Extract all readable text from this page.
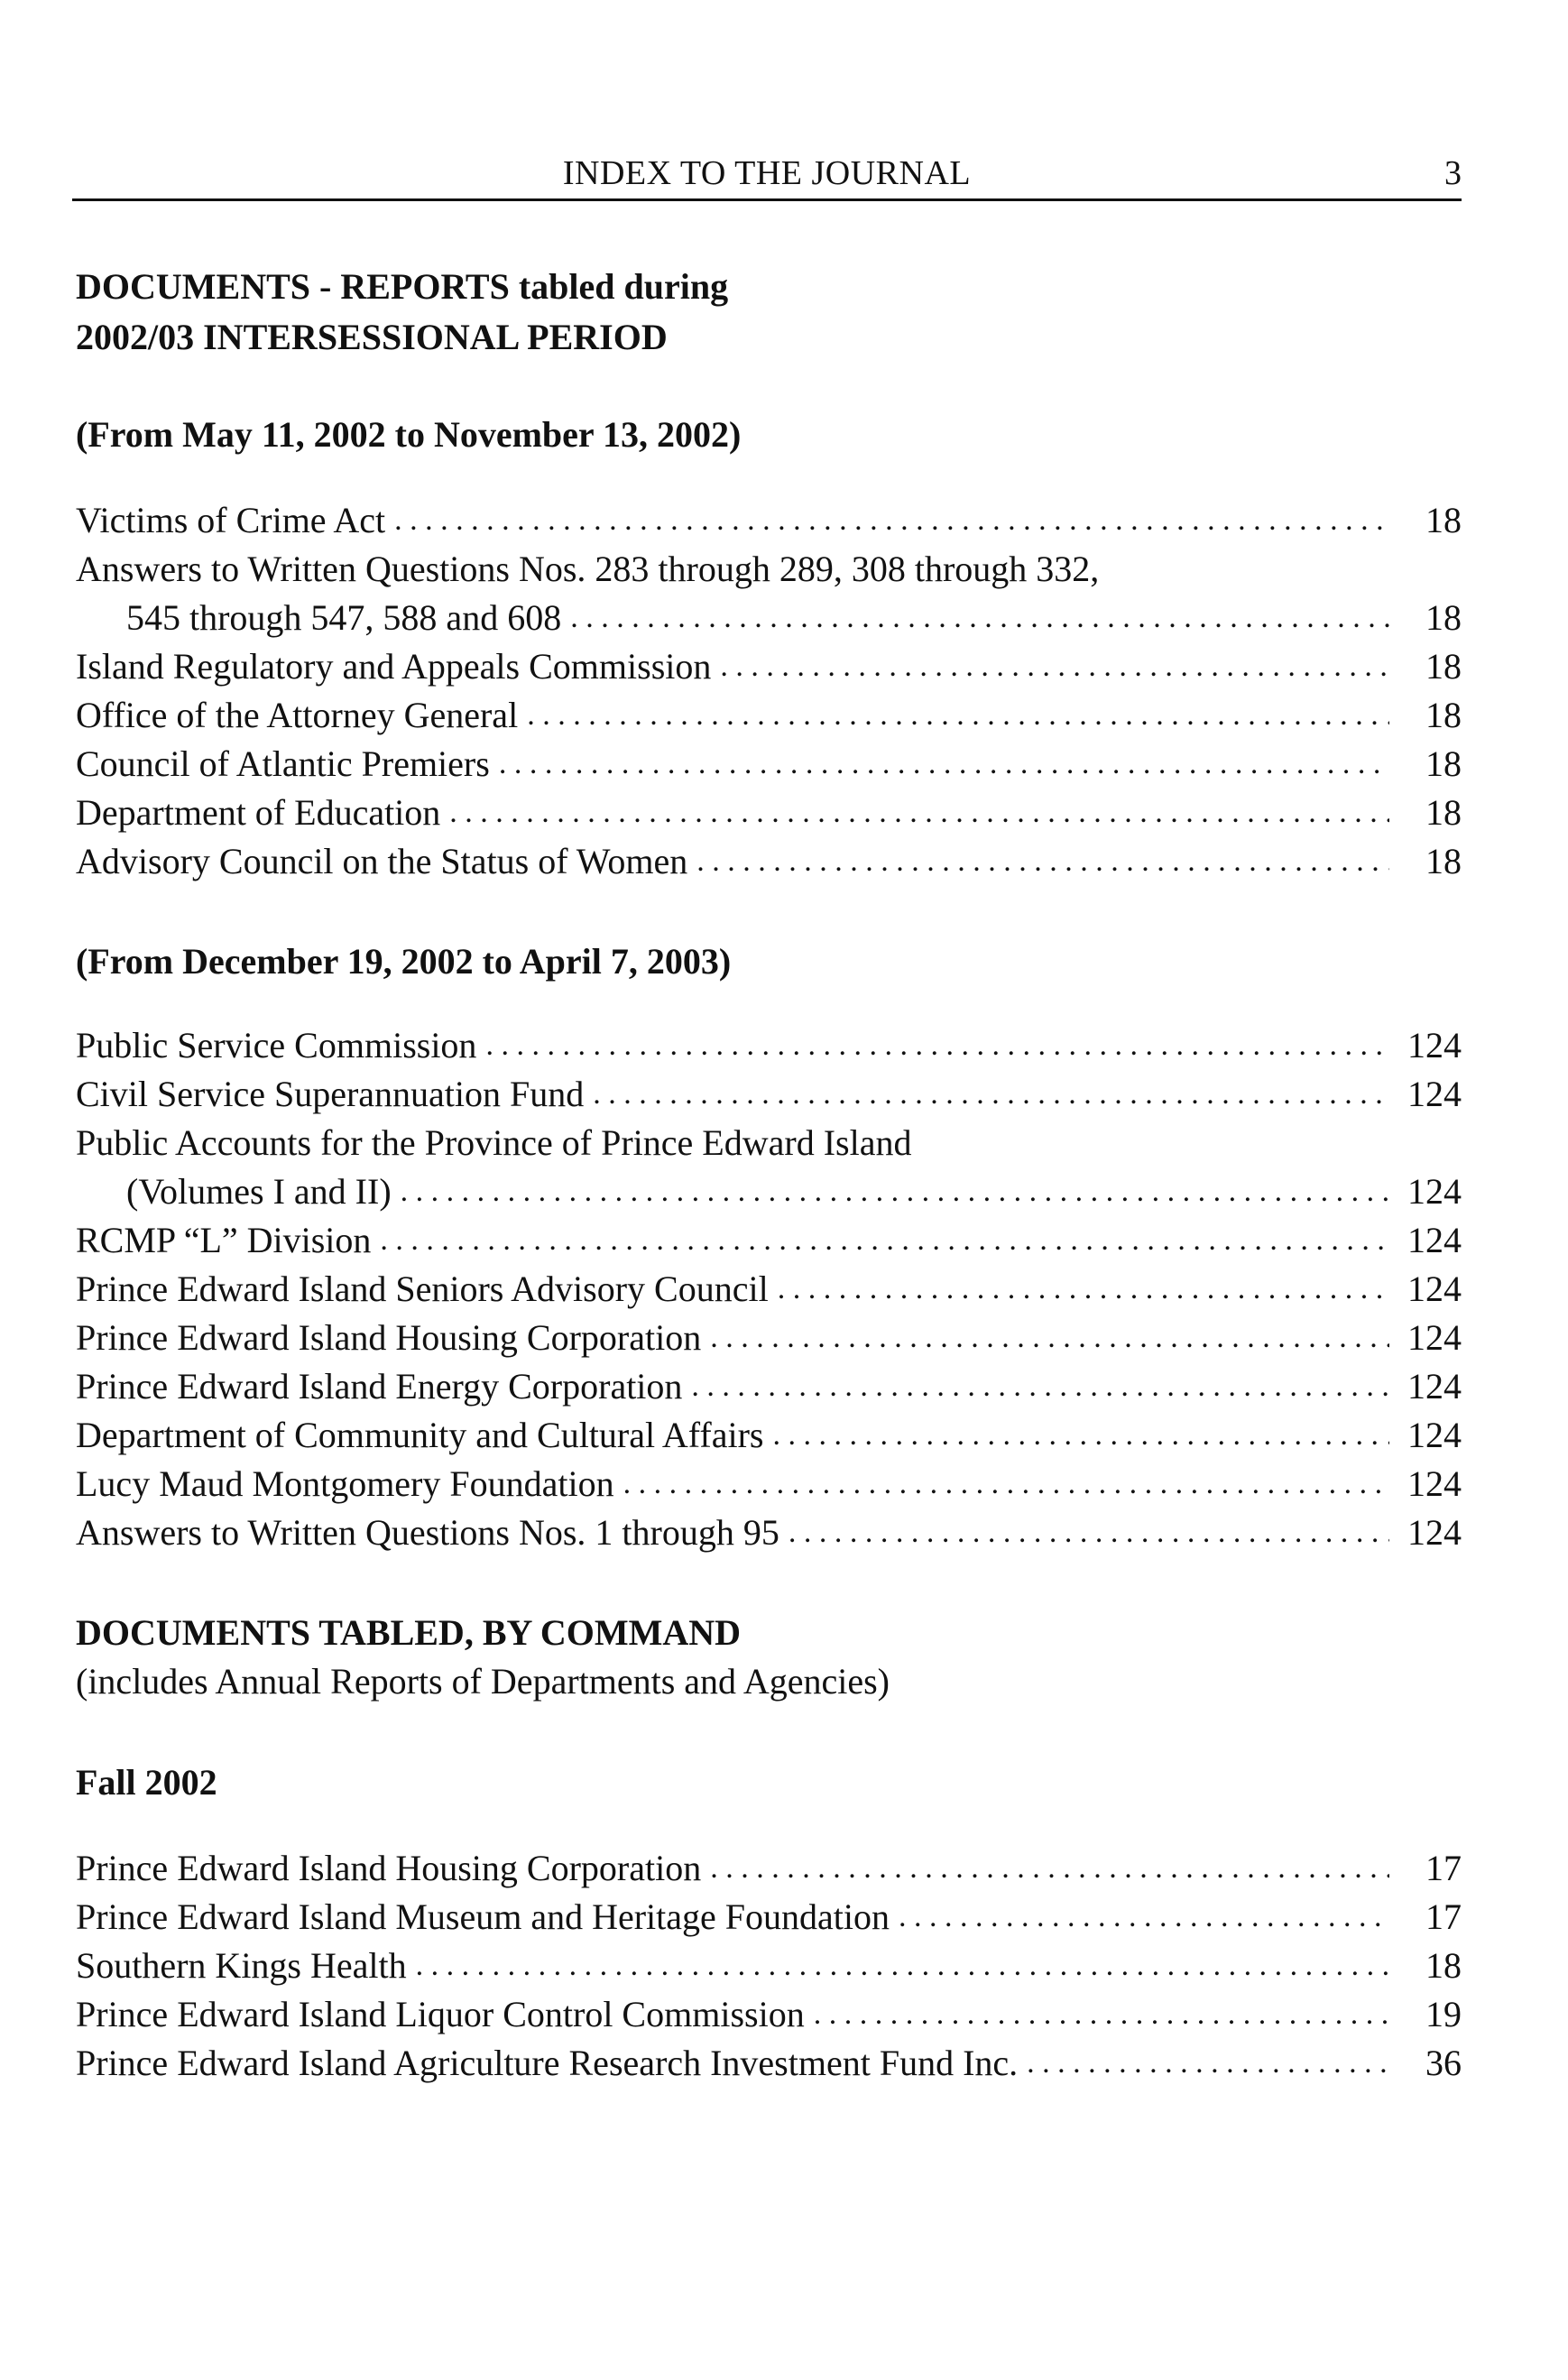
INDEX TO THE JOURNAL	3
DOCUMENTS - REPORTS tabled during
2002/03 INTERSESSIONAL PERIOD
(From May 11, 2002 to November 13, 2002)
Victims of Crime Act . . .	18
Answers to Written Questions Nos. 283 through 289, 308 through 332,
545 through 547, 588 and 608 . . .	18
Island Regulatory and Appeals Commission . . .	18
Office of the Attorney General . . .	18
Council of Atlantic Premiers . . .	18
Department of Education . . .	18
Advisory Council on the Status of Women . . .	18
(From December 19, 2002 to April 7, 2003)
Public Service Commission . . .	124
Civil Service Superannuation Fund . . .	124
Public Accounts for the Province of Prince Edward Island
(Volumes I and II) . . .	124
RCMP “L” Division . . .	124
Prince Edward Island Seniors Advisory Council . . .	124
Prince Edward Island Housing Corporation . . .	124
Prince Edward Island Energy Corporation . . .	124
Department of Community and Cultural Affairs . . .	124
Lucy Maud Montgomery Foundation . . .	124
Answers to Written Questions Nos. 1 through 95 . . .	124
DOCUMENTS TABLED, BY COMMAND
(includes Annual Reports of Departments and Agencies)
Fall 2002
Prince Edward Island Housing Corporation . . .	17
Prince Edward Island Museum and Heritage Foundation . . .	17
Southern Kings Health . . .	18
Prince Edward Island Liquor Control Commission . . .	19
Prince Edward Island Agriculture Research Investment Fund Inc. . . .	36
